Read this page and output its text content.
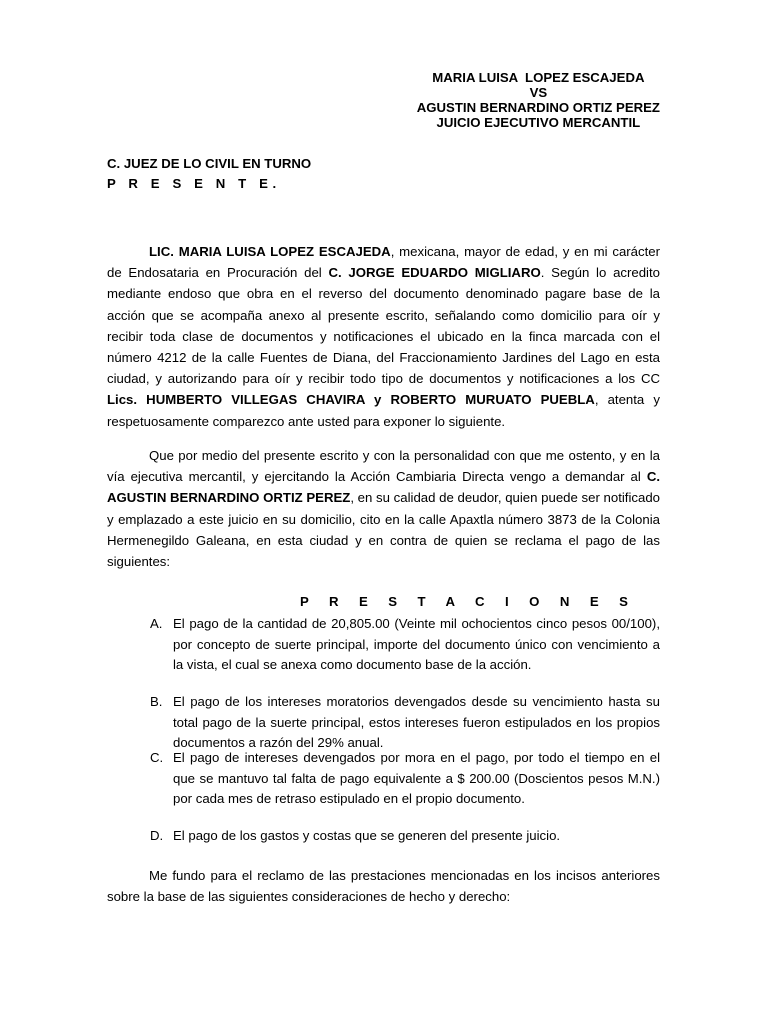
MARIA LUISA  LOPEZ ESCAJEDA
VS
AGUSTIN BERNARDINO ORTIZ PEREZ
JUICIO EJECUTIVO MERCANTIL
C. JUEZ DE LO CIVIL EN TURNO
P R E S E N T E.

LIC. MARIA LUISA LOPEZ ESCAJEDA, mexicana, mayor de edad, y en mi carácter de Endosataria en Procuración del C. JORGE EDUARDO MIGLIARO. Según lo acredito mediante endoso que obra en el reverso del documento denominado pagare base de la acción que se acompaña anexo al presente escrito, señalando como domicilio para oír y recibir toda clase de documentos y notificaciones el ubicado en la finca marcada con el número 4212 de la calle Fuentes de Diana, del Fraccionamiento Jardines del Lago en esta ciudad, y autorizando para oír y recibir todo tipo de documentos y notificaciones a los CC Lics. HUMBERTO VILLEGAS CHAVIRA y ROBERTO MURUATO PUEBLA, atenta y respetuosamente comparezco ante usted para exponer lo siguiente.

Que por medio del presente escrito y con la personalidad con que me ostento, y en la vía ejecutiva mercantil, y ejercitando la Acción Cambiaria Directa vengo a demandar al C. AGUSTIN BERNARDINO ORTIZ PEREZ, en su calidad de deudor, quien puede ser notificado y emplazado a este juicio en su domicilio, cito en la calle Apaxtla número 3873 de la Colonia Hermenegildo Galeana, en esta ciudad y en contra de quien se reclama el pago de las siguientes:

P R E S T A C I O N E S
A. El pago de la cantidad de 20,805.00 (Veinte mil ochocientos cinco pesos 00/100), por concepto de suerte principal, importe del documento único con vencimiento a la vista, el cual se anexa como documento base de la acción.
B. El pago de los intereses moratorios devengados desde su vencimiento hasta su total pago de la suerte principal, estos intereses fueron estipulados en los propios documentos a razón del 29% anual.
C. El pago de intereses devengados por mora en el pago, por todo el tiempo en el que se mantuvo tal falta de pago equivalente a $ 200.00 (Doscientos pesos M.N.) por cada mes de retraso estipulado en el propio documento.
D. El pago de los gastos y costas que se generen del presente juicio.

Me fundo para el reclamo de las prestaciones mencionadas en los incisos anteriores sobre la base de las siguientes consideraciones de hecho y derecho:
